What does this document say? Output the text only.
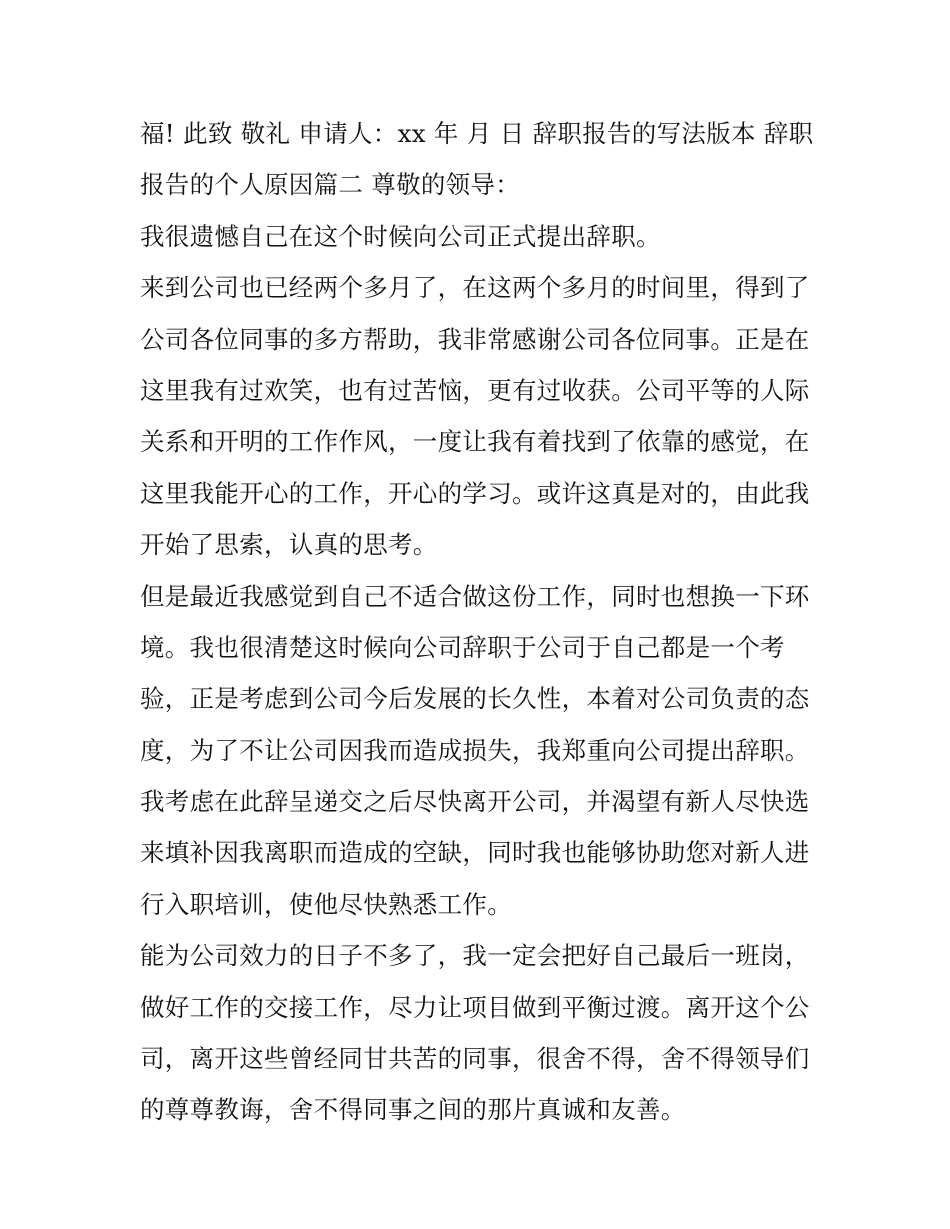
福! 此致 敬礼 申请人：xx 年 月 日 辞职报告的写法版本 辞职
报告的个人原因篇二 尊敬的领导：
我很遗憾自己在这个时候向公司正式提出辞职。
来到公司也已经两个多月了，在这两个多月的时间里，得到了
公司各位同事的多方帮助，我非常感谢公司各位同事。正是在
这里我有过欢笑，也有过苦恼，更有过收获。公司平等的人际
关系和开明的工作作风，一度让我有着找到了依靠的感觉，在
这里我能开心的工作，开心的学习。或许这真是对的，由此我
开始了思索，认真的思考。
但是最近我感觉到自己不适合做这份工作，同时也想换一下环
境。我也很清楚这时候向公司辞职于公司于自己都是一个考
验，正是考虑到公司今后发展的长久性，本着对公司负责的态
度，为了不让公司因我而造成损失，我郑重向公司提出辞职。
我考虑在此辞呈递交之后尽快离开公司，并渴望有新人尽快选
来填补因我离职而造成的空缺，同时我也能够协助您对新人进
行入职培训，使他尽快熟悉工作。
能为公司效力的日子不多了，我一定会把好自己最后一班岗，
做好工作的交接工作，尽力让项目做到平衡过渡。离开这个公
司，离开这些曾经同甘共苦的同事，很舍不得，舍不得领导们
的尊尊教诲，舍不得同事之间的那片真诚和友善。
